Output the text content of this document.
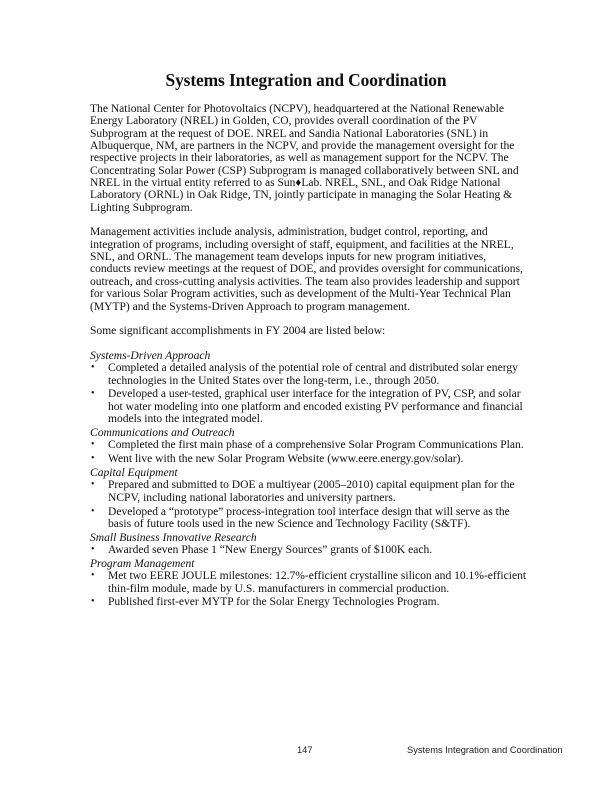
Systems Integration and Coordination

The National Center for Photovoltaics (NCPV), headquartered at the National Renewable Energy Laboratory (NREL) in Golden, CO, provides overall coordination of the PV Subprogram at the request of DOE. NREL and Sandia National Laboratories (SNL) in Albuquerque, NM, are partners in the NCPV, and provide the management oversight for the respective projects in their laboratories, as well as management support for the NCPV. The Concentrating Solar Power (CSP) Subprogram is managed collaboratively between SNL and NREL in the virtual entity referred to as Sun♦Lab. NREL, SNL, and Oak Ridge National Laboratory (ORNL) in Oak Ridge, TN, jointly participate in managing the Solar Heating & Lighting Subprogram.

Management activities include analysis, administration, budget control, reporting, and integration of programs, including oversight of staff, equipment, and facilities at the NREL, SNL, and ORNL. The management team develops inputs for new program initiatives, conducts review meetings at the request of DOE, and provides oversight for communications, outreach, and cross-cutting analysis activities. The team also provides leadership and support for various Solar Program activities, such as development of the Multi-Year Technical Plan (MYTP) and the Systems-Driven Approach to program management.

Some significant accomplishments in FY 2004 are listed below:

Systems-Driven Approach
• Completed a detailed analysis of the potential role of central and distributed solar energy technologies in the United States over the long-term, i.e., through 2050.
• Developed a user-tested, graphical user interface for the integration of PV, CSP, and solar hot water modeling into one platform and encoded existing PV performance and financial models into the integrated model.
Communications and Outreach
• Completed the first main phase of a comprehensive Solar Program Communications Plan.
• Went live with the new Solar Program Website (www.eere.energy.gov/solar).
Capital Equipment
• Prepared and submitted to DOE a multiyear (2005–2010) capital equipment plan for the NCPV, including national laboratories and university partners.
• Developed a “prototype” process-integration tool interface design that will serve as the basis of future tools used in the new Science and Technology Facility (S&TF).
Small Business Innovative Research
• Awarded seven Phase 1 “New Energy Sources” grants of $100K each.
Program Management
• Met two EERE JOULE milestones: 12.7%-efficient crystalline silicon and 10.1%-efficient thin-film module, made by U.S. manufacturers in commercial production.
• Published first-ever MYTP for the Solar Energy Technologies Program.
147	Systems Integration and Coordination
